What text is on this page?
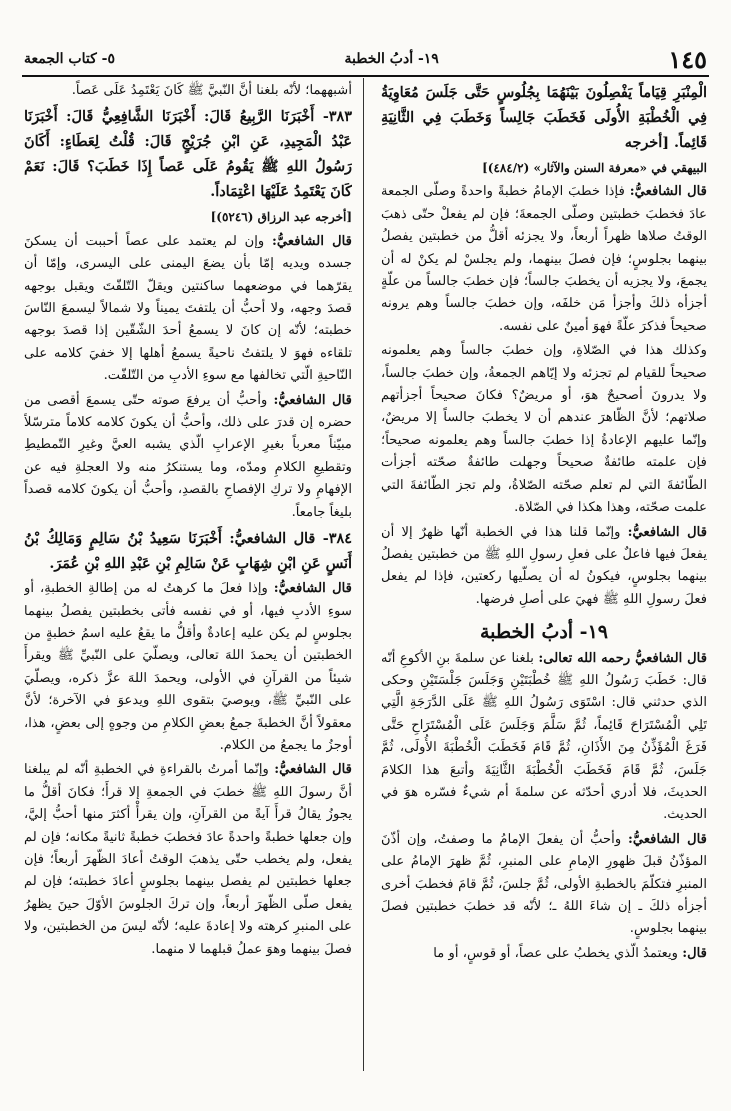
١٤٥
١٩- أدبُ الخطبة
٥- كتاب الجمعة

الْمِنْبَرِ قِيَاماً يَفْصِلُونَ بَيْنَهُمَا بِجُلُوسٍ حَتَّى جَلَسَ مُعَاوِيَةُ فِي الْخُطْبَةِ الأُولَى فَخَطَبَ جَالِساً وَخَطَبَ فِي الثَّانِيَةِ قَائِماً. [أخرجه

البيهقي في «معرفة السنن والآثار» (٤٨٤/٢)]

قال الشافعيُّ: فإذا خطبَ الإمامُ خطبةً واحدةً وصلّى الجمعة عادَ فخطبَ خطبتين وصلّى الجمعةَ؛ فإن لم يفعلْ حتّى ذهبَ الوقتُ صلاها ظهراً أربعاً، ولا يجزئه أقلُّ من خطبتين يفصلُ بينهما بجلوسٍ؛ فإن فصلَ بينهما، ولم يجلسْ لم يكنْ له أن يجمعَ، ولا يجزيه أن يخطبَ جالساً؛ فإن خطبَ جالساً من علّةٍ أجزأه ذلكَ وأجزأ مَن خلفَه، وإن خطبَ جالساً وهم يرونه صحيحاً فذكرَ علّةً فهوَ أمينٌ على نفسه.

وكذلك هذا في الصّلاةِ، وإن خطبَ جالساً وهم يعلمونه صحيحاً للقيام لم تجزئه ولا إيّاهم الجمعةُ، وإن خطبَ جالساً، ولا يدرونَ أصحيحٌ هوَ، أو مريضٌ؟ فكانَ صحيحاً أجزأتهم صلاتهم؛ لأنَّ الظّاهرَ عندهم أن لا يخطبَ جالساً إلا مريضٌ، وإنّما عليهم الإعادةُ إذا خطبَ جالساً وهم يعلمونه صحيحاً؛ فإن علمته طائفةٌ صحيحاً وجهلت طائفةٌ صحّته أجزأت الطّائفةَ التي لم تعلم صحّته الصّلاةُ، ولم تجز الطّائفةَ التي علمت صحّته، وهذا هكذا في الصّلاة.

قال الشافعيُّ: وإنّما قلنا هذا في الخطبة أنّها ظهرٌ إلا أن يفعلَ فيها فاعلٌ على فعلِ رسولِ اللهِ ﷺ من خطبتين يفصلُ بينهما بجلوسٍ، فيكونُ له أن يصلّيها ركعتين، فإذا لم يفعل فعلَ رسولِ اللهِ ﷺ فهيَ على أصلِ فرضها.

١٩- أدبُ الخطبة

قال الشافعيُّ رحمه الله تعالى: بلغنا عن سلمةَ بنِ الأكوعِ أنّه قال: خَطَبَ رَسُولُ اللهِ ﷺ خُطْبَتَيْنِ وَجَلَسَ جَلْسَتَيْنِ وحكى الذي حدثني قال: اسْتَوَى رَسُولُ اللهِ ﷺ عَلَى الدَّرَجَةِ الَّتِي تَلِي الْمُسْتَرَاحَ قَائِماً، ثُمَّ سَلَّمَ وَجَلَسَ عَلَى الْمُسْتَرَاحِ حَتَّى فَرَغَ الْمُؤَذِّنُ مِنَ الأَذَانِ، ثُمَّ قَامَ فَخَطَبَ الْخُطْبَةَ الأُولَى، ثُمَّ جَلَسَ، ثُمَّ قَامَ فَخَطَبَ الْخُطْبَةَ الثَّانِيَةَ وأتبعَ هذا الكلامَ الحديثَ، فلا أدري أحدّثه عن سلمةَ أم شيءٌ فسّره هوَ في الحديث.

قال الشافعيُّ: وأحبُّ أن يفعلَ الإمامُ ما وصفتُ، وإن أذّنَ المؤذّنُ قبلَ ظهورِ الإمامِ على المنبرِ، ثُمَّ ظهرَ الإمامُ على المنبرِ فتكلّمَ بالخطبةِ الأولى، ثُمَّ جلسَ، ثُمَّ قامَ فخطبَ أخرى أجزأه ذلكَ ـ إن شاءَ اللهُ ـ؛ لأنّه قد خطبَ خطبتين فصلَ بينهما بجلوسٍ.

قال: ويعتمدُ الّذي يخطبُ على عصاً، أو قوسٍ، أو ما

أشبههما؛ لأنّه بلغنا أنَّ النّبيَّ ﷺ كَانَ يَعْتَمِدُ عَلَى عَصاً.

٣٨٣- أَخْبَرَنَا الرَّبِيعُ قَالَ: أَخْبَرَنَا الشَّافِعِيُّ قَالَ: أَخْبَرَنَا عَبْدُ الْمَجِيدِ، عَنِ ابْنِ جُرَيْجٍ قَالَ: قُلْتُ لِعَطَاءٍ: أَكَانَ رَسُولُ اللهِ ﷺ يَقُومُ عَلَى عَصاً إِذَا خَطَبَ؟ قَالَ: نَعَمْ كَانَ يَعْتَمِدُ عَلَيْهَا اعْتِمَاداً.

[أخرجه عبد الرزاق (٥٢٤٦)]

قال الشافعيُّ: وإن لم يعتمد على عصاً أحببت أن يسكنَ جسده ويديه إمّا بأن يضعَ اليمنى على اليسرى، وإمّا أن يقرّهما في موضعهما ساكنتين ويقلّ التّلفّتَ ويقبل بوجهه قصدَ وجهه، ولا أحبُّ أن يلتفتَ يميناً ولا شمالاً ليسمعَ النّاسَ خطبته؛ لأنّه إن كانَ لا يسمعُ أحدَ الشّقّين إذا قصدَ بوجهه تلقاءه فهوَ لا يلتفتُ ناحيةً يسمعُ أهلها إلا خفيَ كلامه على النّاحيةِ الّتي تخالفها مع سوءِ الأدبِ من التّلفّت.

قال الشافعيُّ: وأحبُّ أن يرفعَ صوته حتّى يسمعَ أقصى من حضره إن قدرَ على ذلك، وأحبُّ أن يكونَ كلامه كلاماً مترسّلاً مبيّناً معرباً بغيرِ الإعرابِ الّذي يشبه العيَّ وغيرِ التّمطيطِ وتقطيعِ الكلامِ ومدّه، وما يستنكرُ منه ولا العجلةِ فيه عن الإفهامِ ولا تركِ الإفصاحِ بالقصدِ، وأحبُّ أن يكونَ كلامه قصداً بليغاً جامعاً.

٣٨٤- قال الشافعيُّ: أَخْبَرَنَا سَعِيدُ بْنُ سَالِمٍ وَمَالِكُ بْنُ أَنَسٍ عَنِ ابْنِ شِهَابٍ عَنْ سَالِمِ بْنِ عَبْدِ اللهِ بْنِ عُمَرَ.

قال الشافعيُّ: وإذا فعلَ ما كرهتُ له من إطالةِ الخطبةِ، أو سوءِ الأدبِ فيها، أو في نفسه فأتى بخطبتين يفصلُ بينهما بجلوسٍ لم يكن عليه إعادةٌ وأقلُّ ما يقعُ عليه اسمُ خطبةٍ من الخطبتين أن يحمدَ اللهَ تعالى، ويصلّيَ على النّبيِّ ﷺ ويقرأَ شيئاً من القرآنِ في الأولى، ويحمدَ اللهَ عزَّ ذكره، ويصلّيَ على النّبيِّ ﷺ، ويوصيَ بتقوى اللهِ ويدعوَ في الآخرة؛ لأنَّ معقولاً أنَّ الخطبةَ جمعُ بعضِ الكلامِ من وجوهٍ إلى بعضٍ، هذا، أوجزُ ما يجمعُ من الكلام.

قال الشافعيُّ: وإنّما أمرتُ بالقراءةِ في الخطبةِ أنّه لم يبلغنا أنَّ رسولَ اللهِ ﷺ خطبَ في الجمعةِ إلا قرأَ؛ فكانَ أقلُّ ما يجوزُ يقالُ قرأَ آيةً من القرآنِ، وإن يقرأْ أكثرَ منها أحبُّ إليَّ، وإن جعلها خطبةً واحدةً عادَ فخطبَ خطبةً ثانيةً مكانه؛ فإن لم يفعل، ولم يخطب حتّى يذهبَ الوقتُ أعادَ الظّهرَ أربعاً؛ فإن جعلها خطبتين لم يفصل بينهما بجلوسٍ أعادَ خطبته؛ فإن لم يفعل صلّى الظّهرَ أربعاً، وإن تركَ الجلوسَ الأوّلَ حينَ يظهرُ على المنبرِ كرهته ولا إعادةَ عليه؛ لأنّه ليسَ من الخطبتين، ولا فصلَ بينهما وهوَ عملُ قبلهما لا منهما.
